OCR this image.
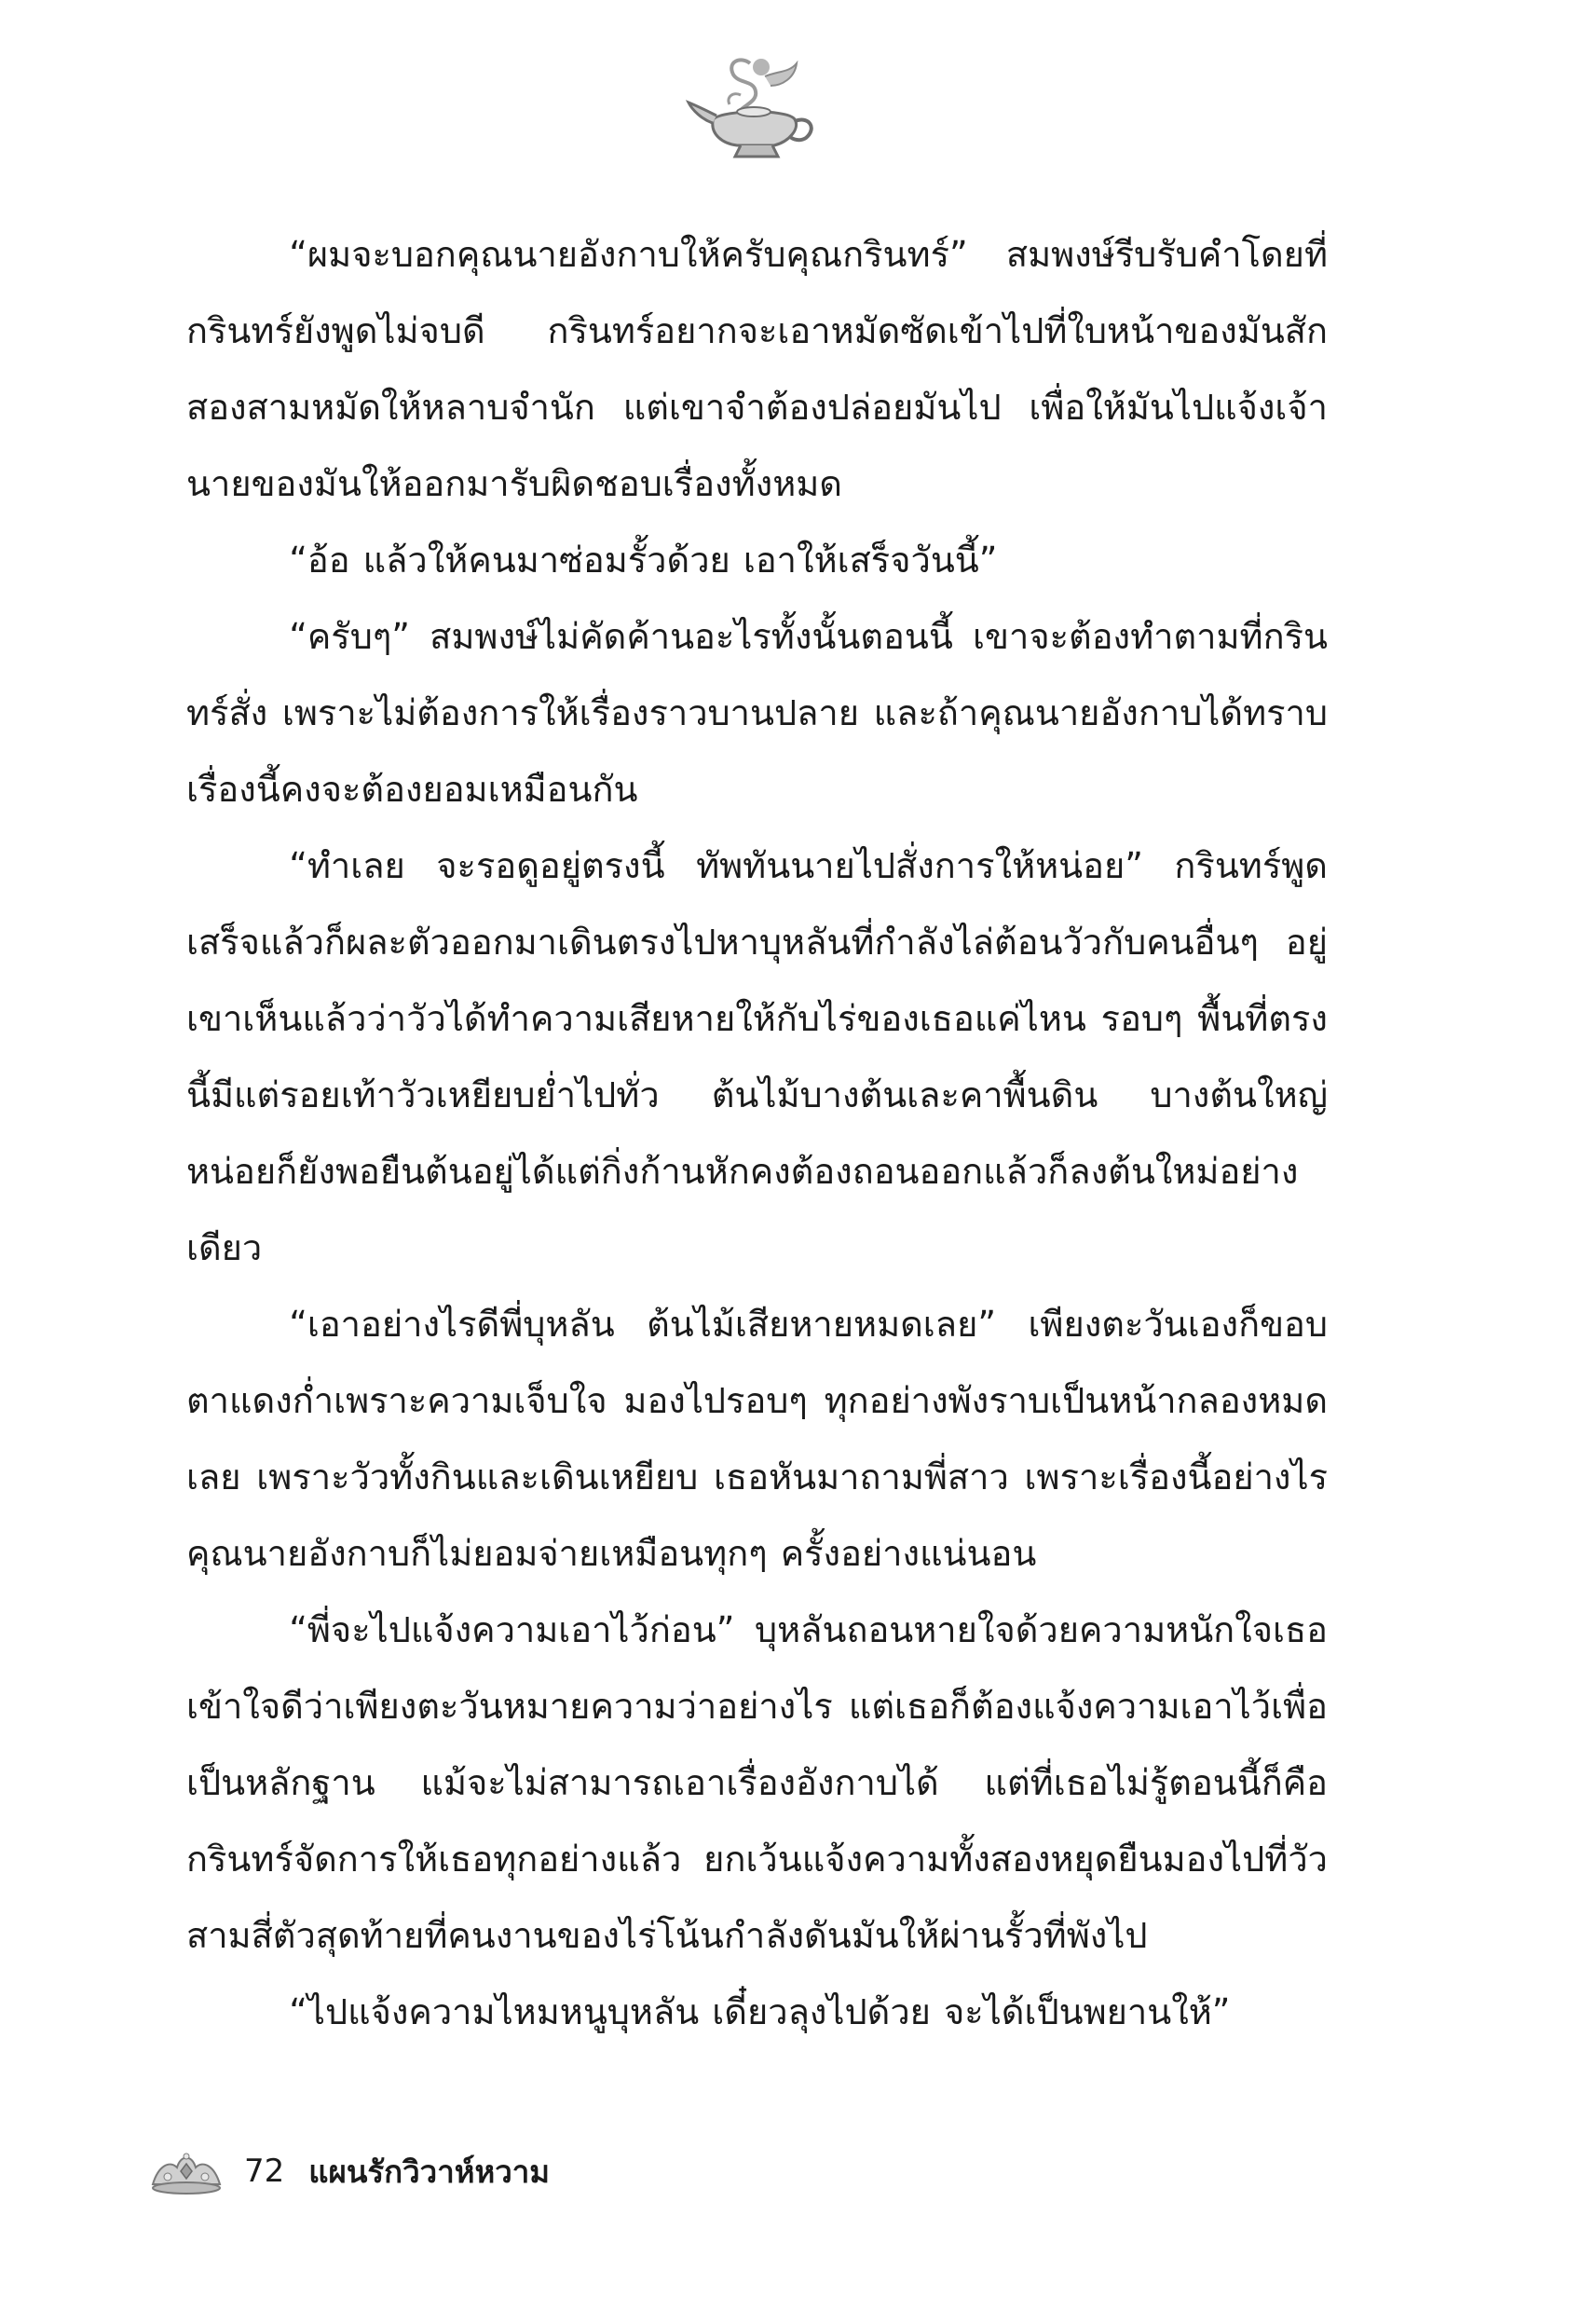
“ผมจะบอกคุณนายอังกาบให้ครับคุณกรินทร์” สมพงษ์รีบรับคำโดยที่กรินทร์ยังพูดไม่จบดี กรินทร์อยากจะเอาหมัดซัดเข้าไปที่ใบหน้าของมันสักสองสามหมัดให้หลาบจำนัก แต่เขาจำต้องปล่อยมันไป เพื่อให้มันไปแจ้งเจ้านายของมันให้ออกมารับผิดชอบเรื่องทั้งหมด

“อ้อ แล้วให้คนมาซ่อมรั้วด้วย เอาให้เสร็จวันนี้”

“ครับๆ” สมพงษ์ไม่คัดค้านอะไรทั้งนั้นตอนนี้ เขาจะต้องทำตามที่กรินทร์สั่ง เพราะไม่ต้องการให้เรื่องราวบานปลาย และถ้าคุณนายอังกาบได้ทราบเรื่องนี้คงจะต้องยอมเหมือนกัน

“ทำเลย จะรอดูอยู่ตรงนี้ ทัพทันนายไปสั่งการให้หน่อย” กรินทร์พูดเสร็จแล้วก็ผละตัวออกมาเดินตรงไปหาบุหลันที่กำลังไล่ต้อนวัวกับคนอื่นๆ อยู่ เขาเห็นแล้วว่าวัวได้ทำความเสียหายให้กับไร่ของเธอแค่ไหน รอบๆ พื้นที่ตรงนี้มีแต่รอยเท้าวัวเหยียบย่ำไปทั่ว ต้นไม้บางต้นเละคาพื้นดิน บางต้นใหญ่หน่อยก็ยังพอยืนต้นอยู่ได้แต่กิ่งก้านหักคงต้องถอนออกแล้วก็ลงต้นใหม่อย่างเดียว

“เอาอย่างไรดีพี่บุหลัน ต้นไม้เสียหายหมดเลย” เพียงตะวันเองก็ขอบตาแดงก่ำเพราะความเจ็บใจ มองไปรอบๆ ทุกอย่างพังราบเป็นหน้ากลองหมดเลย เพราะวัวทั้งกินและเดินเหยียบ เธอหันมาถามพี่สาว เพราะเรื่องนี้อย่างไรคุณนายอังกาบก็ไม่ยอมจ่ายเหมือนทุกๆ ครั้งอย่างแน่นอน

“พี่จะไปแจ้งความเอาไว้ก่อน” บุหลันถอนหายใจด้วยความหนักใจเธอเข้าใจดีว่าเพียงตะวันหมายความว่าอย่างไร แต่เธอก็ต้องแจ้งความเอาไว้เพื่อเป็นหลักฐาน แม้จะไม่สามารถเอาเรื่องอังกาบได้ แต่ที่เธอไม่รู้ตอนนี้ก็คือกรินทร์จัดการให้เธอทุกอย่างแล้ว ยกเว้นแจ้งความทั้งสองหยุดยืนมองไปที่วัวสามสี่ตัวสุดท้ายที่คนงานของไร่โน้นกำลังดันมันให้ผ่านรั้วที่พังไป

“ไปแจ้งความไหมหนูบุหลัน เดี๋ยวลุงไปด้วย จะได้เป็นพยานให้”

72 แผนรักวิวาห์หวาม
